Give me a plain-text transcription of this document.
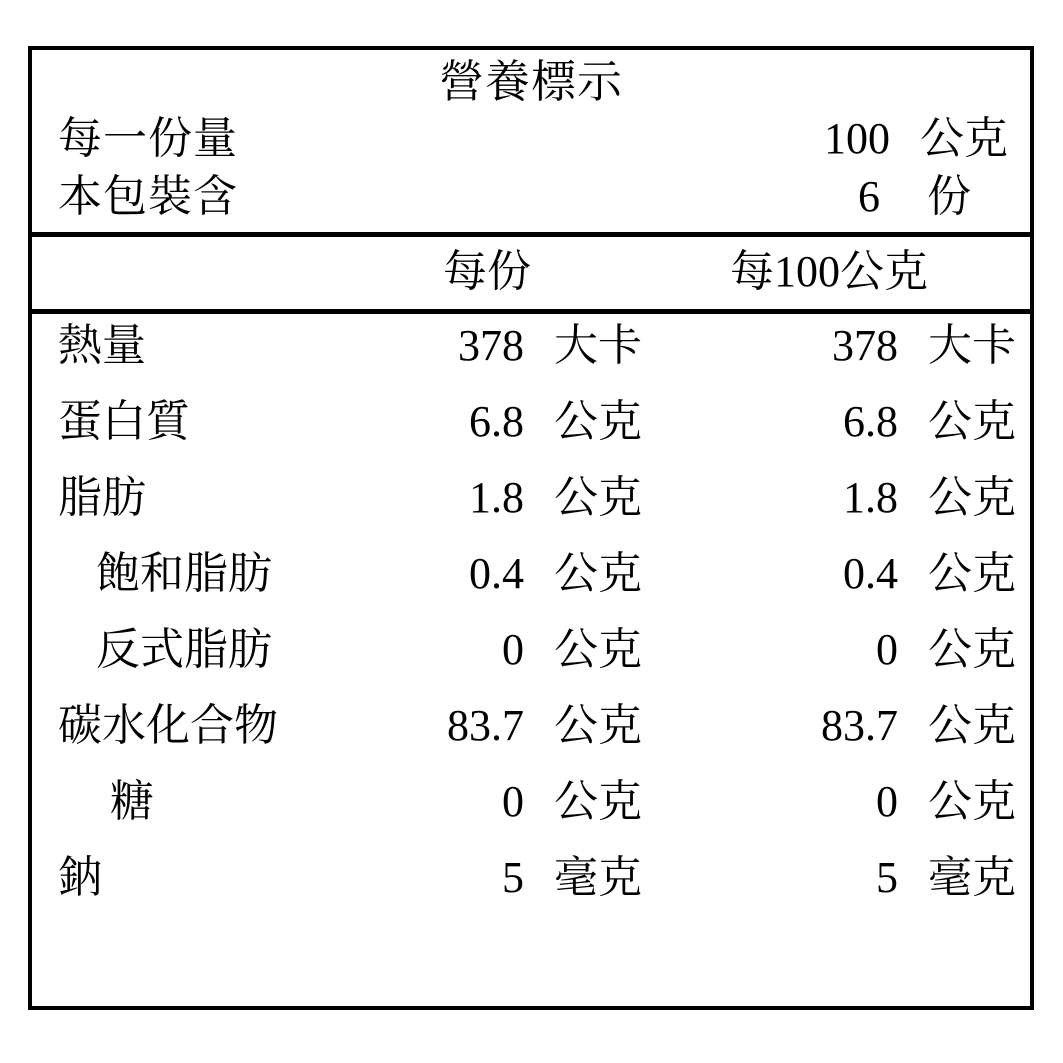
營養標示
每一份量	100 公克
本包裝含	6	份
每份	每100公克
熱量	378 大卡	378 大卡
蛋白質	6.8 公克	6.8 公克
脂肪	1.8 公克	1.8 公克
飽和脂肪	0.4 公克	0.4 公克
反式脂肪	0 公克	0 公克
碳水化合物	83.7 公克	83.7 公克
糖	0 公克	0 公克
鈉	5 毫克	5 毫克
